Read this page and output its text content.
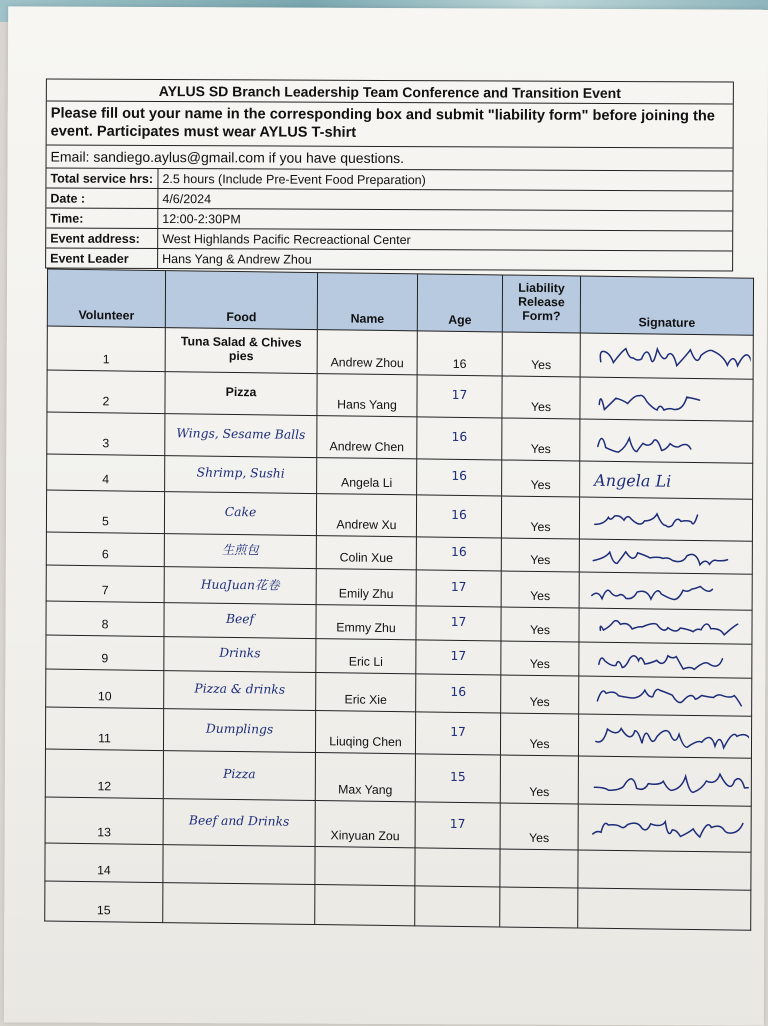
AYLUS SD Branch Leadership Team Conference and Transition Event
Please fill out your name in the corresponding box and submit "liability form" before joining the event. Participates must wear AYLUS T-shirt
Email: sandiego.aylus@gmail.com if you have questions.
Total service hrs: 2.5 hours (Include Pre-Event Food Preparation)
Date :	4/6/2024
Time:	12:00-2:30PM
Event address:	West Highlands Pacific Recreactional Center
Event Leader	Hans Yang & Andrew Zhou
Volunteer	Food	Name	Age	Liability Release Form?	Signature
1	Tuna Salad & Chives pies	Andrew Zhou	16	Yes	

2	Pizza	Hans Yang	17	Yes	

3	Wings, Sesame Balls	Andrew Chen	16	Yes	

4	Shrimp, Sushi	Angela Li	16	Yes	Angela Li

5	Cake	Andrew Xu	16	Yes	

6	生煎包	Colin Xue	16	Yes	

7	HuaJuan花卷	Emily Zhu	17	Yes	

8	Beef	Emmy Zhu	17	Yes	

9	Drinks	Eric Li	17	Yes	

10	Pizza & drinks	Eric Xie	16	Yes	

11	Dumplings	Liuqing Chen	17	Yes	

12	Pizza	Max Yang	15	Yes	

13	Beef and Drinks	Xinyuan Zou	17	Yes	

14					
15					
